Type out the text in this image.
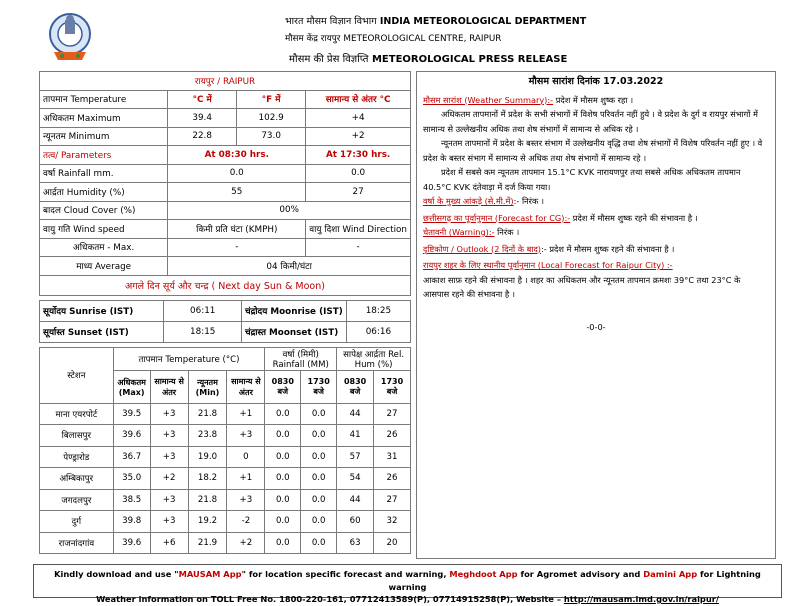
भारत मौसम विज्ञान विभाग INDIA METEOROLOGICAL DEPARTMENT
मौसम केंद्र रायपुर METEOROLOGICAL CENTRE, RAIPUR
मौसम की प्रेस विज्ञप्ति METEOROLOGICAL PRESS RELEASE
रायपुर / RAIPUR			
तापमान Temperature	°C में	°F में	सामान्य से अंतर °C
अधिकतम Maximum	39.4	102.9	+4
न्यूनतम Minimum	22.8	73.0	+2
तत्व/ Parameters	At 08:30 hrs.		At 17:30 hrs.
वर्षा Rainfall mm.	0.0		0.0
आर्द्रता Humidity (%)	55		27
बादल Cloud Cover (%)	00%		
वायु गति Wind speed	किमी प्रति घंटा (KMPH)		वायु दिशा Wind Direction
अधिकतम - Max.	-		-
माध्य Average	04 किमी/घंटा		
अगले दिन सूर्य और चन्द्र ( Next day Sun & Moon)			
सूर्योदय Sunrise (IST)	06:11	चंद्रोदय Moonrise (IST)	18:25
सूर्यास्त Sunset (IST)	18:15	चंद्रास्त Moonset (IST)	06:16
स्टेशन	तापमान Temperature (°C)				वर्षा (मिमी) Rainfall (MM)		सापेक्ष आर्द्रता Rel. Hum (%)	
	अधिकतम (Max)	सामान्य से अंतर	न्यूनतम (Min)	सामान्य से अंतर	0830 बजे	1730 बजे	0830 बजे	1730 बजे
माना एयरपोर्ट	39.5	+3	21.8	+1	0.0	0.0	44	27
बिलासपुर	39.6	+3	23.8	+3	0.0	0.0	41	26
पेण्ड्रारोड	36.7	+3	19.0	0	0.0	0.0	57	31
अम्बिकापुर	35.0	+2	18.2	+1	0.0	0.0	54	26
जगदलपुर	38.5	+3	21.8	+3	0.0	0.0	44	27
दुर्ग	39.8	+3	19.2	-2	0.0	0.0	60	32
राजनांदगांव	39.6	+6	21.9	+2	0.0	0.0	63	20
मौसम सारांश दिनांक 17.03.2022
मौसम सारांश (Weather Summary):- प्रदेश में मौसम शुष्क रहा ।
अधिकतम तापमानों में प्रदेश के सभी संभागों में विशेष परिवर्तन नहीं हुये । वे प्रदेश के दुर्ग व रायपुर संभागों में सामान्य से उल्लेखनीय अधिक तथा शेष संभागों में सामान्य से अधिक रहे ।
न्यूनतम तापमानों में प्रदेश के बस्तर संभाग में उल्लेखनीय वृद्धि तथा शेष संभागों में विशेष परिवर्तन नहीं हुए । वे प्रदेश के बस्तर संभाग में सामान्य से अधिक तथा शेष संभागों में सामान्य रहे ।
प्रदेश में सबसे कम न्यूनतम तापमान 15.1°C KVK नारायणपुर तथा सबसे अधिक अधिकतम तापमान 40.5°C KVK दंतेवाड़ा में दर्ज किया गया।
वर्षा के मुख्य आंकड़े (से.मी.में):- निरंक ।
छत्तीसगढ़ का पूर्वानुमान (Forecast for CG):- प्रदेश में मौसम शुष्क रहने की संभावना है ।
चेतावनी (Warning):- निरंक ।
दृष्टिकोण / Outlook (2 दिनों के बाद):- प्रदेश में मौसम शुष्क रहने की संभावना है ।
रायपुर शहर के लिए स्थानीय पूर्वानुमान (Local Forecast for Raipur City) :-
आकाश साफ़ रहने की संभावना है । शहर का अधिकतम और न्यूनतम तापमान क्रमशः 39°C तथा 23°C के आसपास रहने की संभावना है ।
-0-0-
Kindly download and use "MAUSAM App" for location specific forecast and warning, Meghdoot App for Agromet advisory and Damini App for Lightning warning
Weather information on TOLL Free No. 1800-220-161, 07712413589(P), 07714915258(P), Website – http://mausam.imd.gov.in/raipur/
